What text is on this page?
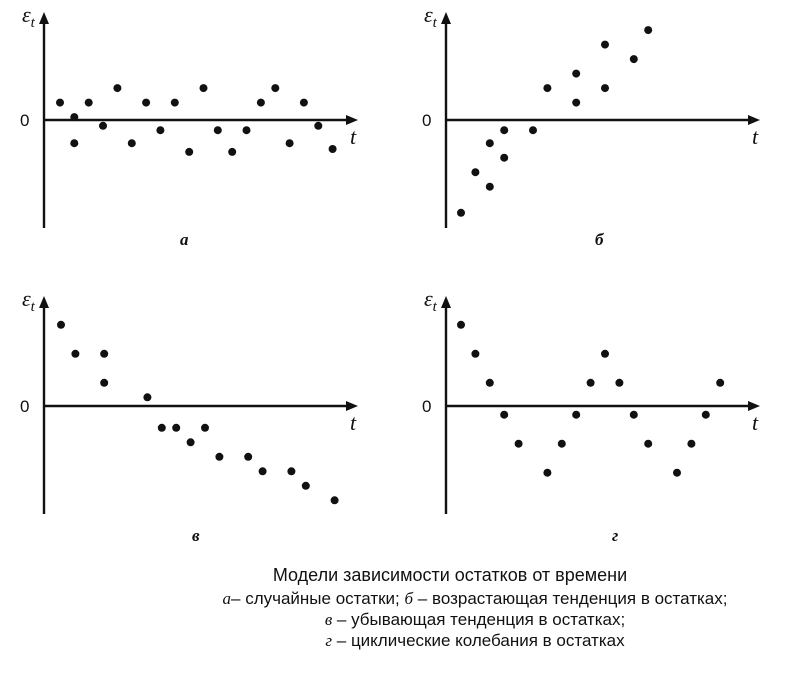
$\varepsilon_t$
t
0
а
$\varepsilon_t$
t
0
б
$\varepsilon_t$
t
0
в
$\varepsilon_t$
t
0
г
Модели зависимости остатков от времени
а– случайные остатки; б – возрастающая тенденция в остатках;
в – убывающая тенденция в остатках;
г – циклические колебания в остатках
